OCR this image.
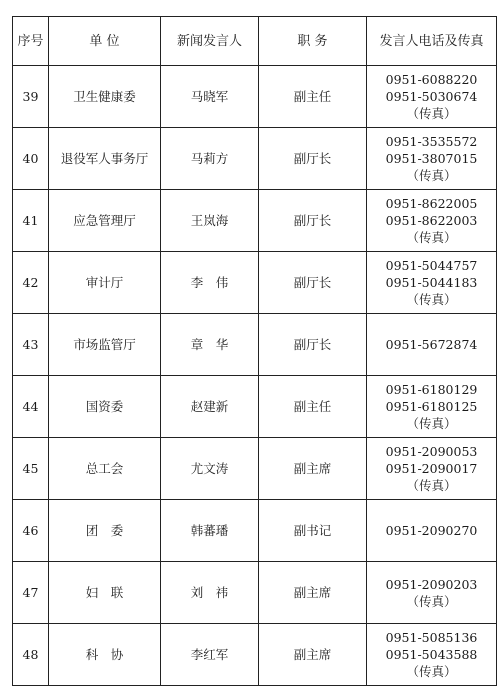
序号	单 位	新闻发言人	职 务	发言人电话及传真
39	卫生健康委	马晓军	副主任	0951-6088220
0951-5030674
（传真）

40	退役军人事务厅	马莉方	副厅长	0951-3535572
0951-3807015
（传真）

41	应急管理厅	王岚海	副厅长	0951-8622005
0951-8622003
（传真）

42	审计厅	李　伟	副厅长	0951-5044757
0951-5044183
（传真）

43	市场监管厅	章　华	副厅长	0951-5672874

44	国资委	赵建新	副主任	0951-6180129
0951-6180125
（传真）

45	总工会	尤文涛	副主席	0951-2090053
0951-2090017
（传真）

46	团　委	韩蕃璠	副书记	0951-2090270

47	妇　联	刘　祎	副主席	0951-2090203
（传真）

48	科　协	李红军	副主席	0951-5085136
0951-5043588
（传真）
